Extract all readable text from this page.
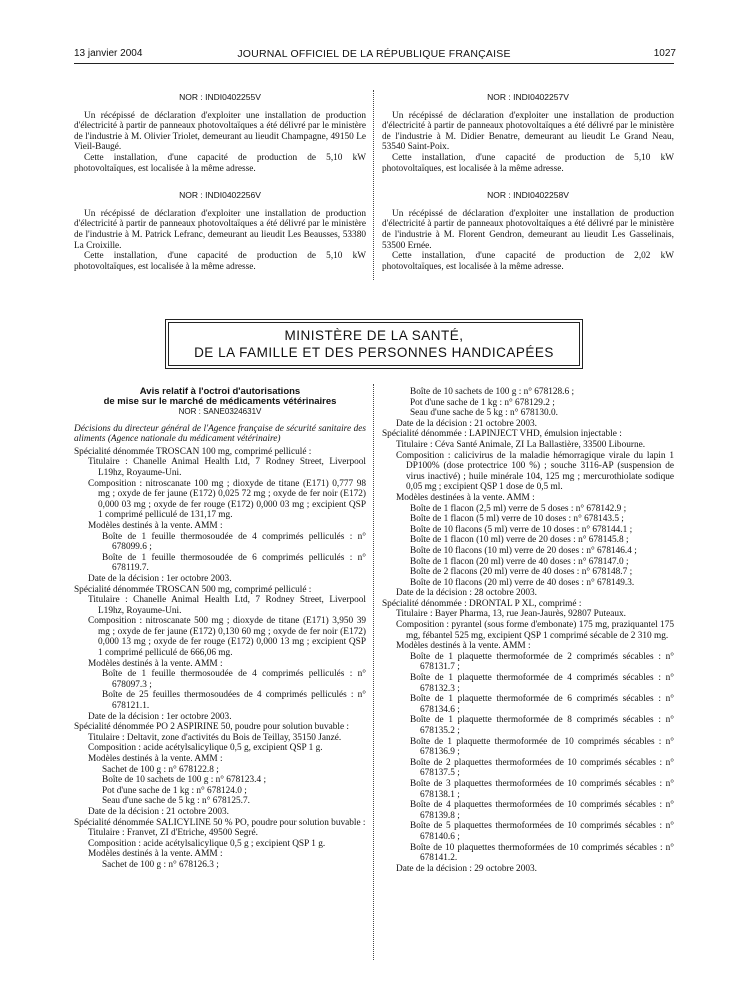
13 janvier 2004	JOURNAL OFFICIEL DE LA RÉPUBLIQUE FRANÇAISE	1027
NOR : INDI0402255V

Un récépissé de déclaration d'exploiter une installation de production d'électricité à partir de panneaux photovoltaïques a été délivré par le ministère de l'industrie à M. Olivier Triolet, demeurant au lieudit Champagne, 49150 Le Vieil-Baugé.

Cette installation, d'une capacité de production de 5,10 kW photovoltaïques, est localisée à la même adresse.

NOR : INDI0402256V

Un récépissé de déclaration d'exploiter une installation de production d'électricité à partir de panneaux photovoltaïques a été délivré par le ministère de l'industrie à M. Patrick Lefranc, demeurant au lieudit Les Beausses, 53380 La Croixille.

Cette installation, d'une capacité de production de 5,10 kW photovoltaïques, est localisée à la même adresse.

NOR : INDI0402257V

Un récépissé de déclaration d'exploiter une installation de production d'électricité à partir de panneaux photovoltaïques a été délivré par le ministère de l'industrie à M. Didier Benatre, demeurant au lieudit Le Grand Neau, 53540 Saint-Poix.

Cette installation, d'une capacité de production de 5,10 kW photovoltaïques, est localisée à la même adresse.

NOR : INDI0402258V

Un récépissé de déclaration d'exploiter une installation de production d'électricité à partir de panneaux photovoltaïques a été délivré par le ministère de l'industrie à M. Florent Gendron, demeurant au lieudit Les Gasselinais, 53500 Ernée.

Cette installation, d'une capacité de production de 2,02 kW photovoltaïques, est localisée à la même adresse.

MINISTÈRE DE LA SANTÉ,
DE LA FAMILLE ET DES PERSONNES HANDICAPÉES
Avis relatif à l'octroi d'autorisations
de mise sur le marché de médicaments vétérinaires
NOR : SANE0324631V
Décisions du directeur général de l'Agence française de sécurité sanitaire des aliments (Agence nationale du médicament vétérinaire)

Spécialité dénommée TROSCAN 100 mg, comprimé pelliculé :

Titulaire : Chanelle Animal Health Ltd, 7 Rodney Street, Liverpool L19hz, Royaume-Uni.

Composition : nitroscanate 100 mg ; dioxyde de titane (E171) 0,777 98 mg ; oxyde de fer jaune (E172) 0,025 72 mg ; oxyde de fer noir (E172) 0,000 03 mg ; oxyde de fer rouge (E172) 0,000 03 mg ; excipient QSP 1 comprimé pelliculé de 131,17 mg.

Modèles destinés à la vente. AMM :

Boîte de 1 feuille thermosoudée de 4 comprimés pelliculés : n° 678099.6 ;

Boîte de 1 feuille thermosoudée de 6 comprimés pelliculés : n° 678119.7.

Date de la décision : 1er octobre 2003.

Spécialité dénommée TROSCAN 500 mg, comprimé pelliculé :

Titulaire : Chanelle Animal Health Ltd, 7 Rodney Street, Liverpool L19hz, Royaume-Uni.

Composition : nitroscanate 500 mg ; dioxyde de titane (E171) 3,950 39 mg ; oxyde de fer jaune (E172) 0,130 60 mg ; oxyde de fer noir (E172) 0,000 13 mg ; oxyde de fer rouge (E172) 0,000 13 mg ; excipient QSP 1 comprimé pelliculé de 666,06 mg.

Modèles destinés à la vente. AMM :

Boîte de 1 feuille thermosoudée de 4 comprimés pelliculés : n° 678097.3 ;

Boîte de 25 feuilles thermosoudées de 4 comprimés pelliculés : n° 678121.1.

Date de la décision : 1er octobre 2003.

Spécialité dénommée PO 2 ASPIRINE 50, poudre pour solution buvable :

Titulaire : Deltavit, zone d'activités du Bois de Teillay, 35150 Janzé.

Composition : acide acétylsalicylique 0,5 g, excipient QSP 1 g.

Modèles destinés à la vente. AMM :

Sachet de 100 g : n° 678122.8 ;

Boîte de 10 sachets de 100 g : n° 678123.4 ;

Pot d'une sache de 1 kg : n° 678124.0 ;

Seau d'une sache de 5 kg : n° 678125.7.

Date de la décision : 21 octobre 2003.

Spécialité dénommée SALICYLINE 50 % PO, poudre pour solution buvable :

Titulaire : Franvet, ZI d'Etriche, 49500 Segré.

Composition : acide acétylsalicylique 0,5 g ; excipient QSP 1 g.

Modèles destinés à la vente. AMM :

Sachet de 100 g : n° 678126.3 ;

Boîte de 10 sachets de 100 g : n° 678128.6 ;

Pot d'une sache de 1 kg : n° 678129.2 ;

Seau d'une sache de 5 kg : n° 678130.0.

Date de la décision : 21 octobre 2003.

Spécialité dénommée : LAPINJECT VHD, émulsion injectable :

Titulaire : Céva Santé Animale, ZI La Ballastière, 33500 Libourne.

Composition : calicivirus de la maladie hémorragique virale du lapin 1 DP100% (dose protectrice 100 %) ; souche 3116-AP (suspension de virus inactivé) ; huile minérale 104, 125 mg ; mercurothiolate sodique 0,05 mg ; excipient QSP 1 dose de 0,5 ml.

Modèles destinées à la vente. AMM :

Boîte de 1 flacon (2,5 ml) verre de 5 doses : n° 678142.9 ;

Boîte de 1 flacon (5 ml) verre de 10 doses : n° 678143.5 ;

Boîte de 10 flacons (5 ml) verre de 10 doses : n° 678144.1 ;

Boîte de 1 flacon (10 ml) verre de 20 doses : n° 678145.8 ;

Boîte de 10 flacons (10 ml) verre de 20 doses : n° 678146.4 ;

Boîte de 1 flacon (20 ml) verre de 40 doses : n° 678147.0 ;

Boîte de 2 flacons (20 ml) verre de 40 doses : n° 678148.7 ;

Boîte de 10 flacons (20 ml) verre de 40 doses : n° 678149.3.

Date de la décision : 28 octobre 2003.

Spécialité dénommée : DRONTAL P XL, comprimé :

Titulaire : Bayer Pharma, 13, rue Jean-Jaurès, 92807 Puteaux.

Composition : pyrantel (sous forme d'embonate) 175 mg, praziquantel 175 mg, fébantel 525 mg, excipient QSP 1 comprimé sécable de 2 310 mg.

Modèles destinés à la vente. AMM :

Boîte de 1 plaquette thermoformée de 2 comprimés sécables : n° 678131.7 ;

Boîte de 1 plaquette thermoformée de 4 comprimés sécables : n° 678132.3 ;

Boîte de 1 plaquette thermoformée de 6 comprimés sécables : n° 678134.6 ;

Boîte de 1 plaquette thermoformée de 8 comprimés sécables : n° 678135.2 ;

Boîte de 1 plaquette thermoformée de 10 comprimés sécables : n° 678136.9 ;

Boîte de 2 plaquettes thermoformées de 10 comprimés sécables : n° 678137.5 ;

Boîte de 3 plaquettes thermoformées de 10 comprimés sécables : n° 678138.1 ;

Boîte de 4 plaquettes thermoformées de 10 comprimés sécables : n° 678139.8 ;

Boîte de 5 plaquettes thermoformées de 10 comprimés sécables : n° 678140.6 ;

Boîte de 10 plaquettes thermoformées de 10 comprimés sécables : n° 678141.2.

Date de la décision : 29 octobre 2003.
